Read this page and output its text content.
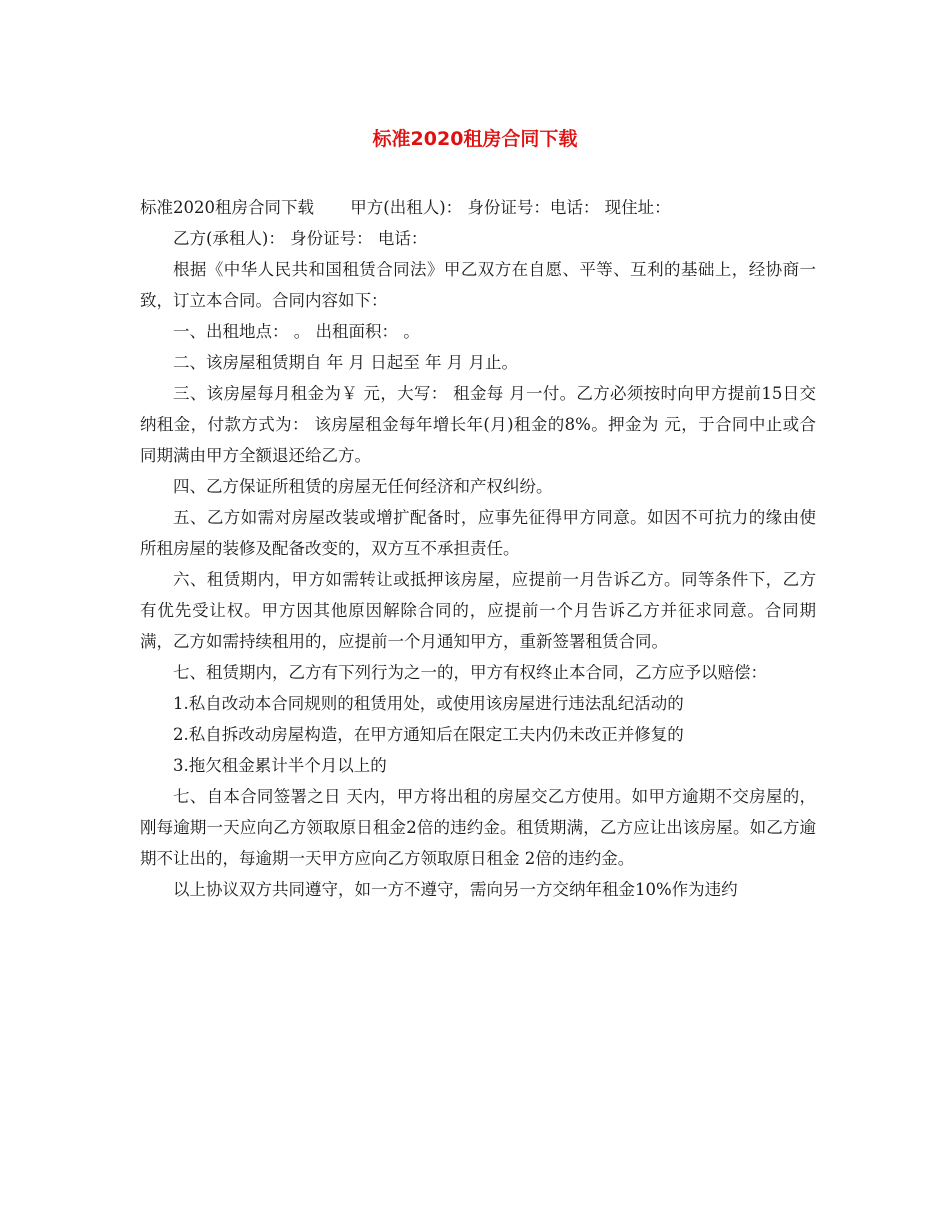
标准2020租房合同下载

标准2020租房合同下载 甲方(出租人)： 身份证号：电话： 现住址：

乙方(承租人)： 身份证号： 电话：

根据《中华人民共和国租赁合同法》甲乙双方在自愿、平等、互利的基础上，经协商一致，订立本合同。合同内容如下：

一、出租地点： 。 出租面积： 。

二、该房屋租赁期自 年 月 日起至 年 月 月止。

三、该房屋每月租金为￥ 元，大写： 租金每 月一付。乙方必须按时向甲方提前15日交纳租金，付款方式为： 该房屋租金每年增长年(月)租金的8%。押金为 元，于合同中止或合同期满由甲方全额退还给乙方。

四、乙方保证所租赁的房屋无任何经济和产权纠纷。

五、乙方如需对房屋改装或增扩配备时，应事先征得甲方同意。如因不可抗力的缘由使所租房屋的装修及配备改变的，双方互不承担责任。

六、租赁期内，甲方如需转让或抵押该房屋，应提前一月告诉乙方。同等条件下，乙方有优先受让权。甲方因其他原因解除合同的，应提前一个月告诉乙方并征求同意。合同期满，乙方如需持续租用的，应提前一个月通知甲方，重新签署租赁合同。

七、租赁期内，乙方有下列行为之一的，甲方有权终止本合同，乙方应予以赔偿：

1.私自改动本合同规则的租赁用处，或使用该房屋进行违法乱纪活动的

2.私自拆改动房屋构造，在甲方通知后在限定工夫内仍未改正并修复的

3.拖欠租金累计半个月以上的

七、自本合同签署之日 天内，甲方将出租的房屋交乙方使用。如甲方逾期不交房屋的，刚每逾期一天应向乙方领取原日租金2倍的违约金。租赁期满，乙方应让出该房屋。如乙方逾期不让出的，每逾期一天甲方应向乙方领取原日租金 2倍的违约金。

以上协议双方共同遵守，如一方不遵守，需向另一方交纳年租金10%作为违约
